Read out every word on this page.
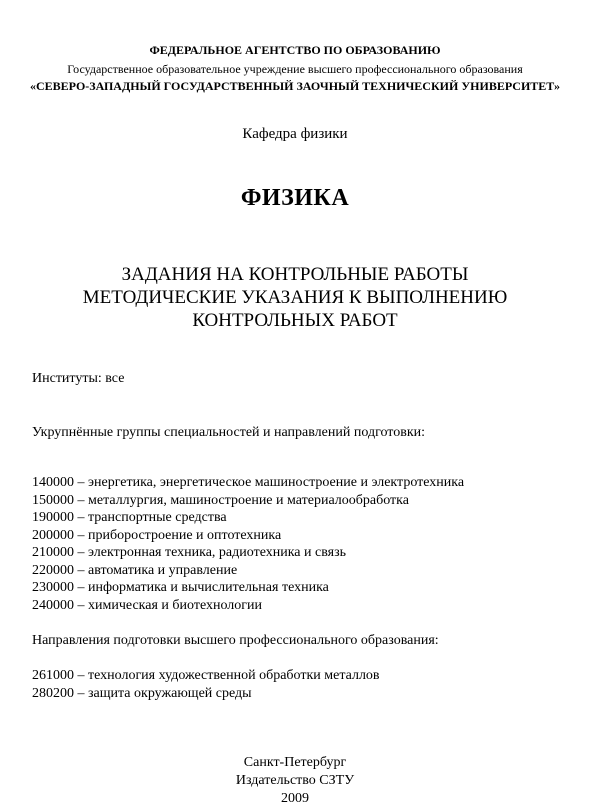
ФЕДЕРАЛЬНОЕ АГЕНТСТВО ПО ОБРАЗОВАНИЮ
Государственное образовательное учреждение высшего профессионального образования
«СЕВЕРО-ЗАПАДНЫЙ ГОСУДАРСТВЕННЫЙ ЗАОЧНЫЙ ТЕХНИЧЕСКИЙ УНИВЕРСИТЕТ»
Кафедра физики
ФИЗИКА
ЗАДАНИЯ НА КОНТРОЛЬНЫЕ РАБОТЫ
МЕТОДИЧЕСКИЕ УКАЗАНИЯ К ВЫПОЛНЕНИЮ
КОНТРОЛЬНЫХ РАБОТ
Институты: все
Укрупнённые группы специальностей и направлений подготовки:
140000 – энергетика, энергетическое машиностроение и электротехника
150000 – металлургия, машиностроение и материалообработка
190000 – транспортные средства
200000 – приборостроение и оптотехника
210000 – электронная техника, радиотехника и связь
220000 – автоматика и управление
230000 – информатика и вычислительная техника
240000 – химическая и биотехнологии
Направления подготовки высшего профессионального образования:
261000 – технология художественной обработки металлов
280200 – защита окружающей среды
Санкт-Петербург
Издательство СЗТУ
2009
